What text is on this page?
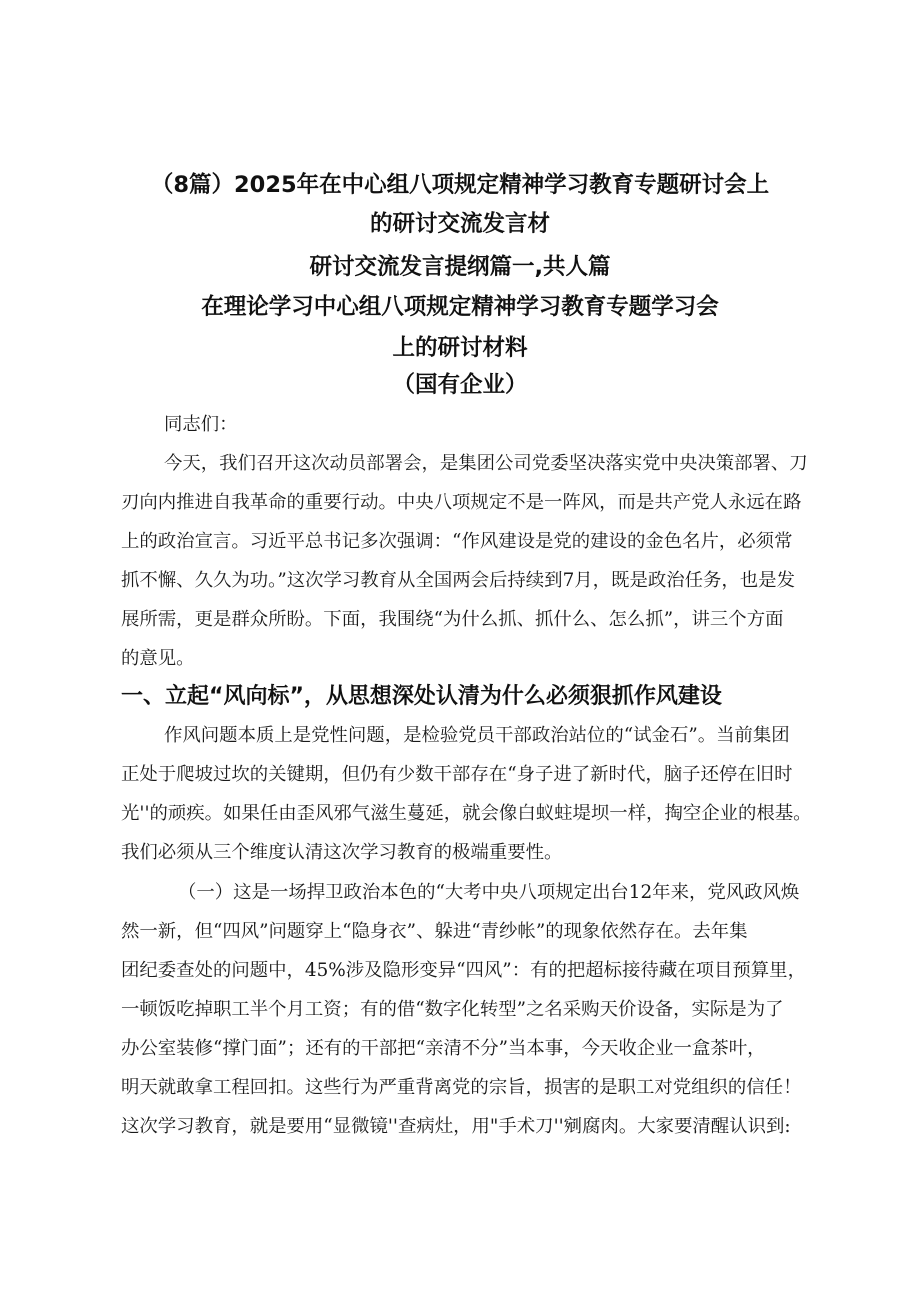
（8篇）2025年在中心组八项规定精神学习教育专题研讨会上
的研讨交流发言材
研讨交流发言提纲篇一,共人篇
在理论学习中心组八项规定精神学习教育专题学习会
上的研讨材料
（国有企业）
同志们：
今天，我们召开这次动员部署会，是集团公司党委坚决落实党中央决策部署、刀
刃向内推进自我革命的重要行动。中央八项规定不是一阵风，而是共产党人永远在路
上的政治宣言。习近平总书记多次强调：“作风建设是党的建设的金色名片，必须常
抓不懈、久久为功。”这次学习教育从全国两会后持续到7月，既是政治任务，也是发
展所需，更是群众所盼。下面，我围绕“为什么抓、抓什么、怎么抓”，讲三个方面
的意见。
一、立起“风向标”，从思想深处认清为什么必须狠抓作风建设
作风问题本质上是党性问题，是检验党员干部政治站位的“试金石”。当前集团
正处于爬坡过坎的关键期，但仍有少数干部存在“身子进了新时代，脑子还停在旧时
光''的顽疾。如果任由歪风邪气滋生蔓延，就会像白蚁蛀堤坝一样，掏空企业的根基。
我们必须从三个维度认清这次学习教育的极端重要性。
（一）这是一场捍卫政治本色的“大考中央八项规定出台12年来，党风政风焕
然一新，但“四风”问题穿上“隐身衣”、躲进“青纱帐”的现象依然存在。去年集
团纪委查处的问题中，45%涉及隐形变异“四风”：有的把超标接待藏在项目预算里，
一顿饭吃掉职工半个月工资；有的借“数字化转型”之名采购天价设备，实际是为了
办公室装修“撑门面”；还有的干部把“亲清不分”当本事，今天收企业一盒茶叶，
明天就敢拿工程回扣。这些行为严重背离党的宗旨，损害的是职工对党组织的信任！
这次学习教育，就是要用“显微镜''查病灶，用"手术刀''剜腐肉。大家要清醒认识到:
